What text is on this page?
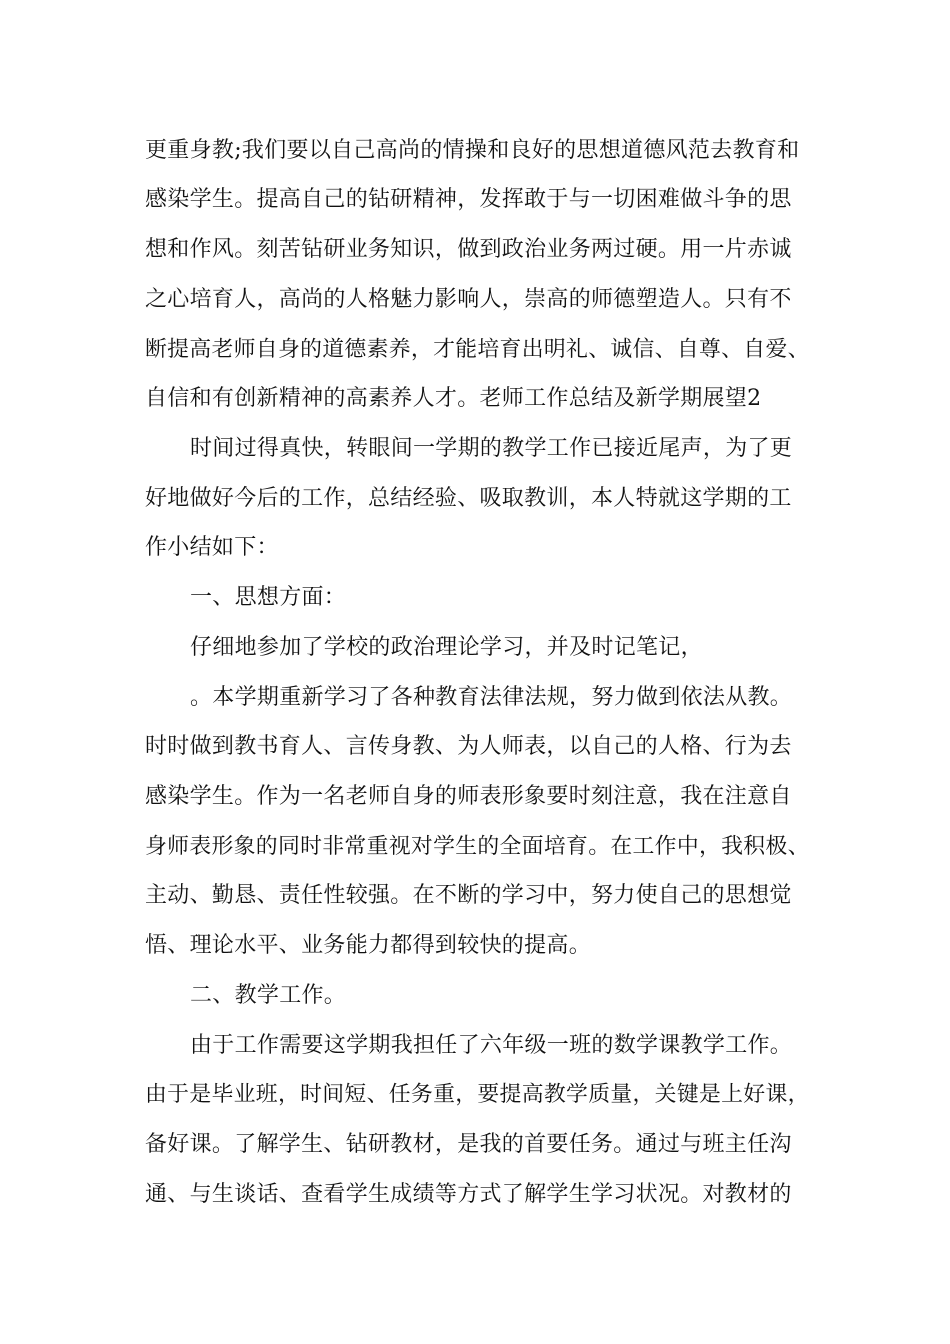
更重身教;我们要以自己高尚的情操和良好的思想道德风范去教育和
感染学生。提高自己的钻研精神，发挥敢于与一切困难做斗争的思
想和作风。刻苦钻研业务知识，做到政治业务两过硬。用一片赤诚
之心培育人，高尚的人格魅力影响人，崇高的师德塑造人。只有不
断提高老师自身的道德素养，才能培育出明礼、诚信、自尊、自爱、
自信和有创新精神的高素养人才。老师工作总结及新学期展望2
时间过得真快，转眼间一学期的教学工作已接近尾声，为了更
好地做好今后的工作，总结经验、吸取教训，本人特就这学期的工
作小结如下：
一、思想方面：
仔细地参加了学校的政治理论学习，并及时记笔记，
。本学期重新学习了各种教育法律法规，努力做到依法从教。
时时做到教书育人、言传身教、为人师表，以自己的人格、行为去
感染学生。作为一名老师自身的师表形象要时刻注意，我在注意自
身师表形象的同时非常重视对学生的全面培育。在工作中，我积极、
主动、勤恳、责任性较强。在不断的学习中，努力使自己的思想觉
悟、理论水平、业务能力都得到较快的提高。
二、教学工作。
由于工作需要这学期我担任了六年级一班的数学课教学工作。
由于是毕业班，时间短、任务重，要提高教学质量，关键是上好课，
备好课。了解学生、钻研教材，是我的首要任务。通过与班主任沟
通、与生谈话、查看学生成绩等方式了解学生学习状况。对教材的
